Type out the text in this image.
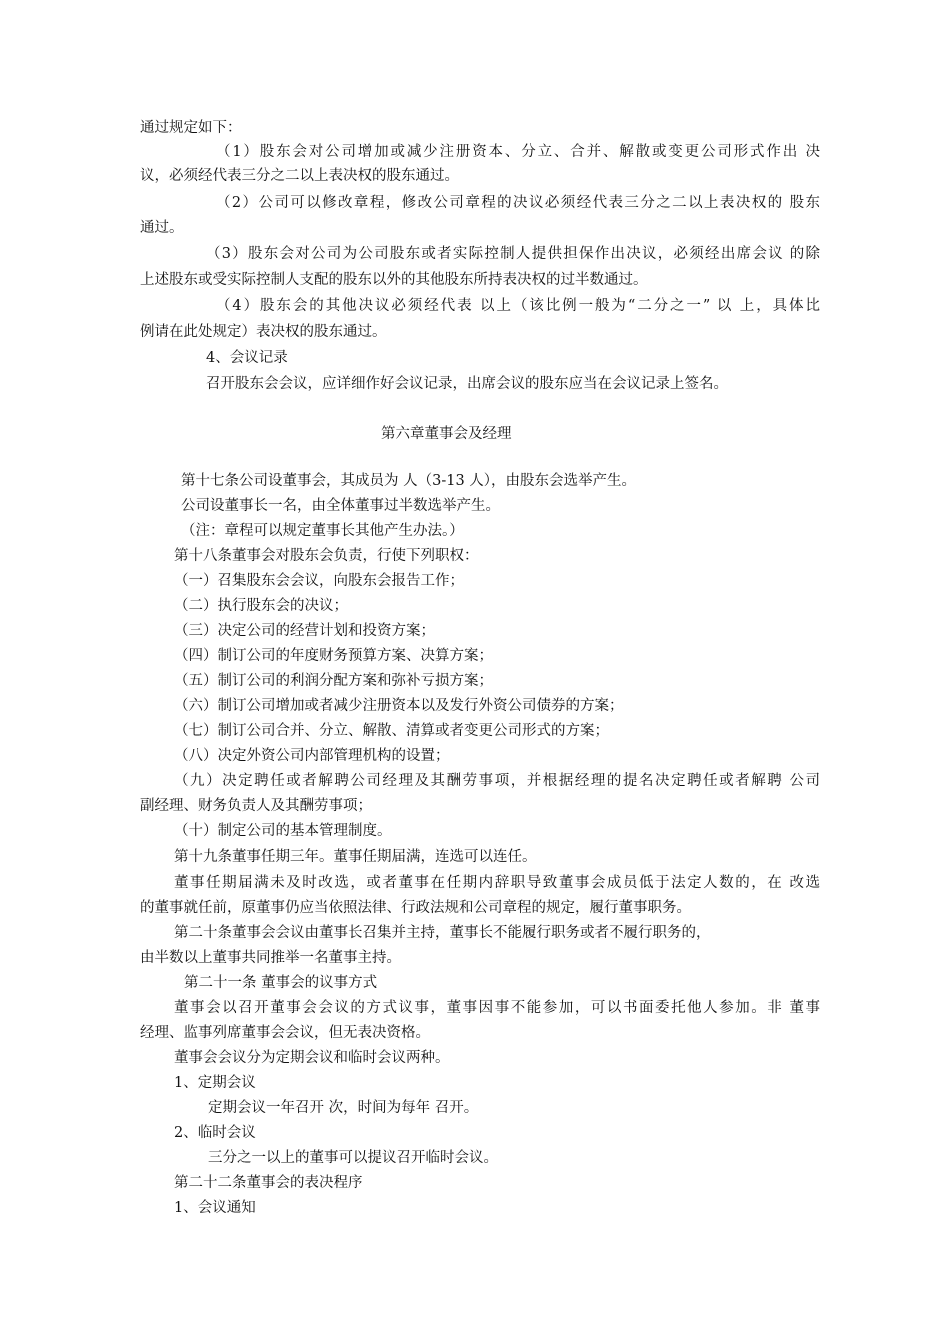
通过规定如下：
（1）股东会对公司增加或减少注册资本、分立、合并、解散或变更公司形式作出 决
议，必须经代表三分之二以上表决权的股东通过。
（2）公司可以修改章程，修改公司章程的决议必须经代表三分之二以上表决权的 股东
通过。
（3）股东会对公司为公司股东或者实际控制人提供担保作出决议，必须经出席会议 的除
上述股东或受实际控制人支配的股东以外的其他股东所持表决权的过半数通过。
（4）股东会的其他决议必须经代表 以上（该比例一般为“二分之一” 以 上，具体比
例请在此处规定）表决权的股东通过。
4、会议记录
召开股东会会议，应详细作好会议记录，出席会议的股东应当在会议记录上签名。
第六章董事会及经理
第十七条公司设董事会，其成员为 人（3-13 人），由股东会选举产生。
公司设董事长一名，由全体董事过半数选举产生。
（注：章程可以规定董事长其他产生办法。）
第十八条董事会对股东会负责，行使下列职权：
（一）召集股东会会议，向股东会报告工作；
（二）执行股东会的决议；
（三）决定公司的经营计划和投资方案；
（四）制订公司的年度财务预算方案、决算方案；
（五）制订公司的利润分配方案和弥补亏损方案；
（六）制订公司增加或者减少注册资本以及发行外资公司债券的方案；
（七）制订公司合并、分立、解散、清算或者变更公司形式的方案；
（八）决定外资公司内部管理机构的设置；
（九）决定聘任或者解聘公司经理及其酬劳事项，并根据经理的提名决定聘任或者解聘 公司
副经理、财务负责人及其酬劳事项；
（十）制定公司的基本管理制度。
第十九条董事任期三年。董事任期届满，连选可以连任。
董事任期届满未及时改选，或者董事在任期内辞职导致董事会成员低于法定人数的，在 改选
的董事就任前，原董事仍应当依照法律、行政法规和公司章程的规定，履行董事职务。
第二十条董事会会议由董事长召集并主持，董事长不能履行职务或者不履行职务的，
由半数以上董事共同推举一名董事主持。
第二十一条 董事会的议事方式
董事会以召开董事会会议的方式议事，董事因事不能参加，可以书面委托他人参加。非 董事
经理、监事列席董事会会议，但无表决资格。
董事会会议分为定期会议和临时会议两种。
1、定期会议
定期会议一年召开 次，时间为每年 召开。
2、临时会议
三分之一以上的董事可以提议召开临时会议。
第二十二条董事会的表决程序
1、会议通知
